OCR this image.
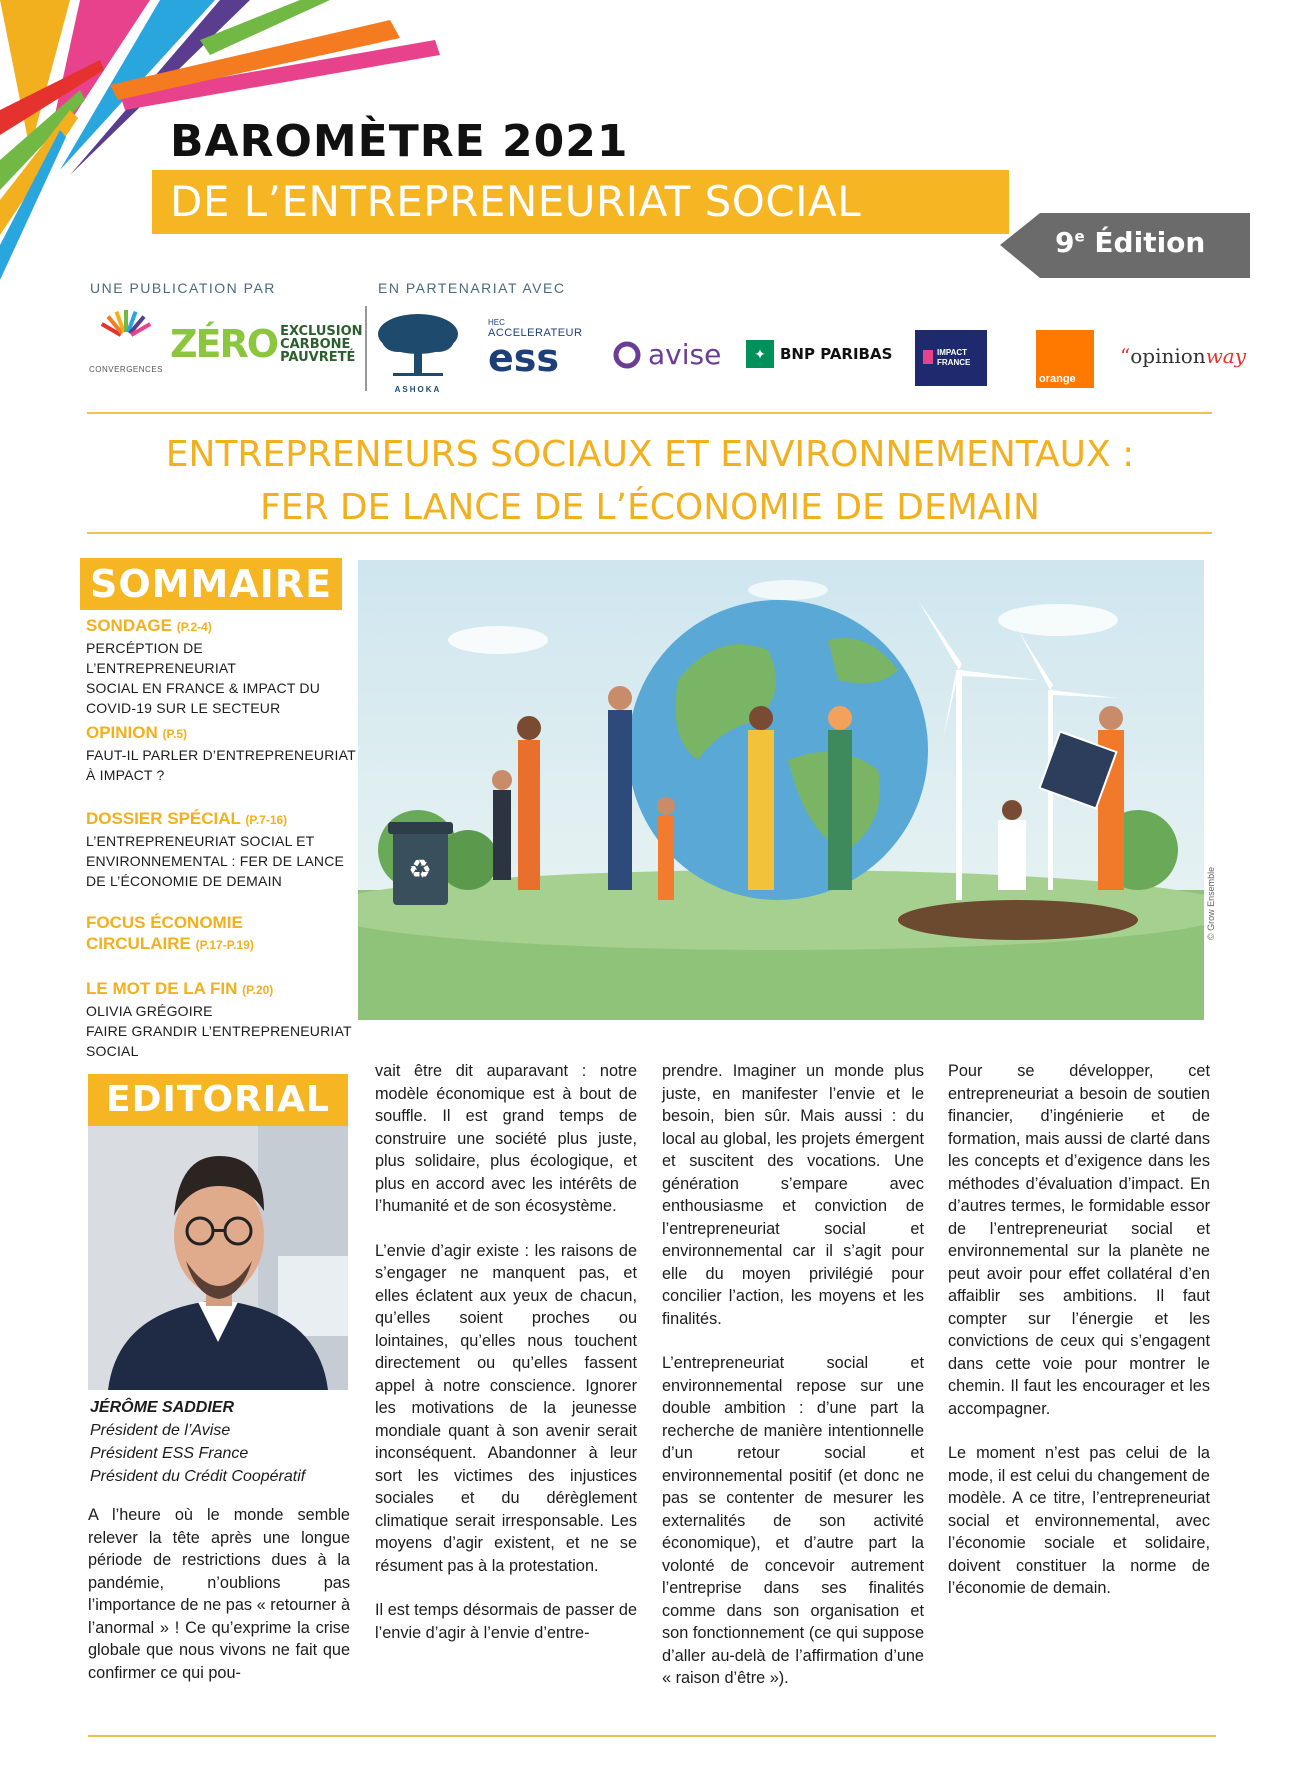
BAROMÈTRE 2021
DE L’ENTREPRENEURIAT SOCIAL
9e Édition
UNE PUBLICATION PAR	EN PARTENARIAT AVEC
CONVERGENCES
ZÉRO EXCLUSION
CARBONE
PAUVRETÉ
ASHOKA
HEC
ACCELERATEUR
ess	avise ✦ BNP PARIBAS	IMPACT FRANCE
orange
“opinionway
ENTREPRENEURS SOCIAUX ET ENVIRONNEMENTAUX :
FER DE LANCE DE L’ÉCONOMIE DE DEMAIN
SOMMAIRE
SONDAGE (P.2-4)
PERCÉPTION DE L’ENTREPRENEURIAT
SOCIAL EN FRANCE & IMPACT DU
COVID-19 SUR LE SECTEUR
OPINION (P.5)
FAUT-IL PARLER D’ENTREPRENEURIAT
À IMPACT ?
DOSSIER SPÉCIAL (P.7-16)
L’ENTREPRENEURIAT SOCIAL ET
ENVIRONNEMENTAL : FER DE LANCE
DE L’ÉCONOMIE DE DEMAIN
FOCUS ÉCONOMIE
CIRCULAIRE (P.17-P.19)
LE MOT DE LA FIN (P.20)
OLIVIA GRÉGOIRE
FAIRE GRANDIR L’ENTREPRENEURIAT
SOCIAL
♻	© Grow Ensemble
EDITORIAL
JÉRÔME SADDIER
Président de l’Avise
Président ESS France
Président du Crédit Coopératif

A l’heure où le monde semble relever la tête après une longue période de restrictions dues à la pandémie, n’oublions pas l’importance de ne pas « retourner à l’anormal » ! Ce qu’exprime la crise globale que nous vivons ne fait que confirmer ce qui pou-

vait être dit auparavant : notre modèle économique est à bout de souffle. Il est grand temps de construire une société plus juste, plus solidaire, plus écologique, et plus en accord avec les intérêts de l’humanité et de son écosystème.

L’envie d’agir existe : les raisons de s’engager ne manquent pas, et elles éclatent aux yeux de chacun, qu’elles soient proches ou lointaines, qu’elles nous touchent directement ou qu’elles fassent appel à notre conscience. Ignorer les motivations de la jeunesse mondiale quant à son avenir serait inconséquent. Abandonner à leur sort les victimes des injustices sociales et du dérèglement climatique serait irresponsable. Les moyens d’agir existent, et ne se résument pas à la protestation.

Il est temps désormais de passer de l’envie d’agir à l’envie d’entre-

prendre. Imaginer un monde plus juste, en manifester l’envie et le besoin, bien sûr. Mais aussi : du local au global, les projets émergent et suscitent des vocations. Une génération s’empare avec enthousiasme et conviction de l’entrepreneuriat social et environnemental car il s’agit pour elle du moyen privilégié pour concilier l’action, les moyens et les finalités.

L’entrepreneuriat social et environnemental repose sur une double ambition : d’une part la recherche de manière intentionnelle d’un retour social et environnemental positif (et donc ne pas se contenter de mesurer les externalités de son activité économique), et d’autre part la volonté de concevoir autrement l’entreprise dans ses finalités comme dans son organisation et son fonctionnement (ce qui suppose d’aller au-delà de l’affirmation d’une « raison d’être »).

Pour se développer, cet entrepreneuriat a besoin de soutien financier, d’ingénierie et de formation, mais aussi de clarté dans les concepts et d’exigence dans les méthodes d’évaluation d’impact. En d’autres termes, le formidable essor de l’entrepreneuriat social et environnemental sur la planète ne peut avoir pour effet collatéral d’en affaiblir ses ambitions. Il faut compter sur l’énergie et les convictions de ceux qui s’engagent dans cette voie pour montrer le chemin. Il faut les encourager et les accompagner.

Le moment n’est pas celui de la mode, il est celui du changement de modèle. A ce titre, l’entrepreneuriat social et environnemental, avec l’économie sociale et solidaire, doivent constituer la norme de l’économie de demain.
